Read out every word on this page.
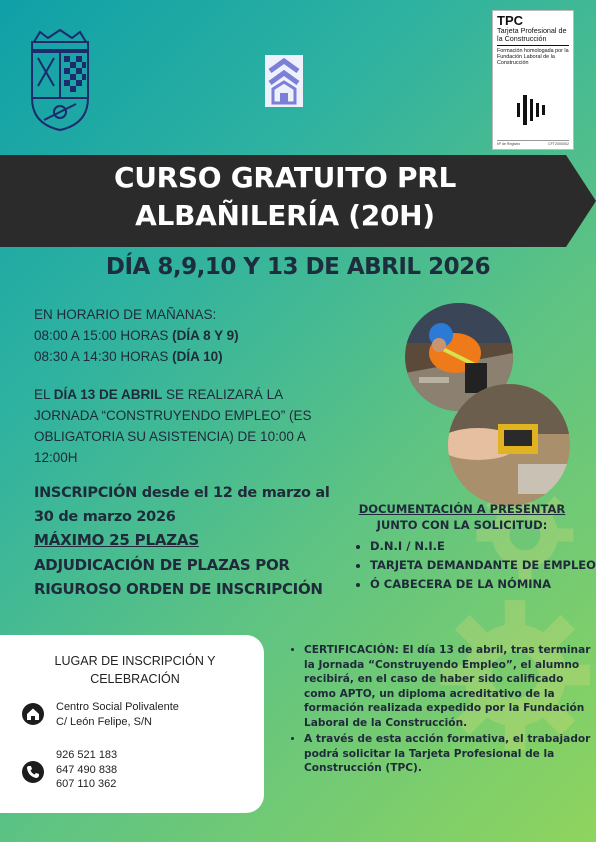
TPC
Tarjeta Profesional de la Construcción
Formación homologada por la Fundación Laboral de la Construcción
Nº de Registro	CFT2000002
CURSO GRATUITO PRL
ALBAÑILERÍA (20H)
DÍA 8,9,10 Y 13 DE ABRIL 2026
EN HORARIO DE MAÑANAS:
08:00 A 15:00 HORAS (DÍA 8 Y 9)
08:30 A 14:30 HORAS (DÍA 10)
EL DÍA 13 DE ABRIL SE REALIZARÁ LA JORNADA “CONSTRUYENDO EMPLEO” (ES OBLIGATORIA SU ASISTENCIA) DE 10:00 A 12:00H
INSCRIPCIÓN desde el 12 de marzo al 30 de marzo 2026
MÁXIMO 25 PLAZAS
ADJUDICACIÓN DE PLAZAS POR RIGUROSO ORDEN DE INSCRIPCIÓN
DOCUMENTACIÓN A PRESENTAR
JUNTO CON LA SOLICITUD:
• D.N.I / N.I.E
• TARJETA DEMANDANTE DE EMPLEO
• Ó CABECERA DE LA NÓMINA
LUGAR DE INSCRIPCIÓN Y CELEBRACIÓN
Centro Social Polivalente
C/ León Felipe, S/N
926 521 183
647 490 838
607 110 362
• CERTIFICACIÓN: El día 13 de abril, tras terminar la Jornada “Construyendo Empleo”, el alumno recibirá, en el caso de haber sido calificado como APTO, un diploma acreditativo de la formación realizada expedido por la Fundación Laboral de la Construcción.
• A través de esta acción formativa, el trabajador podrá solicitar la Tarjeta Profesional de la Construcción (TPC).
